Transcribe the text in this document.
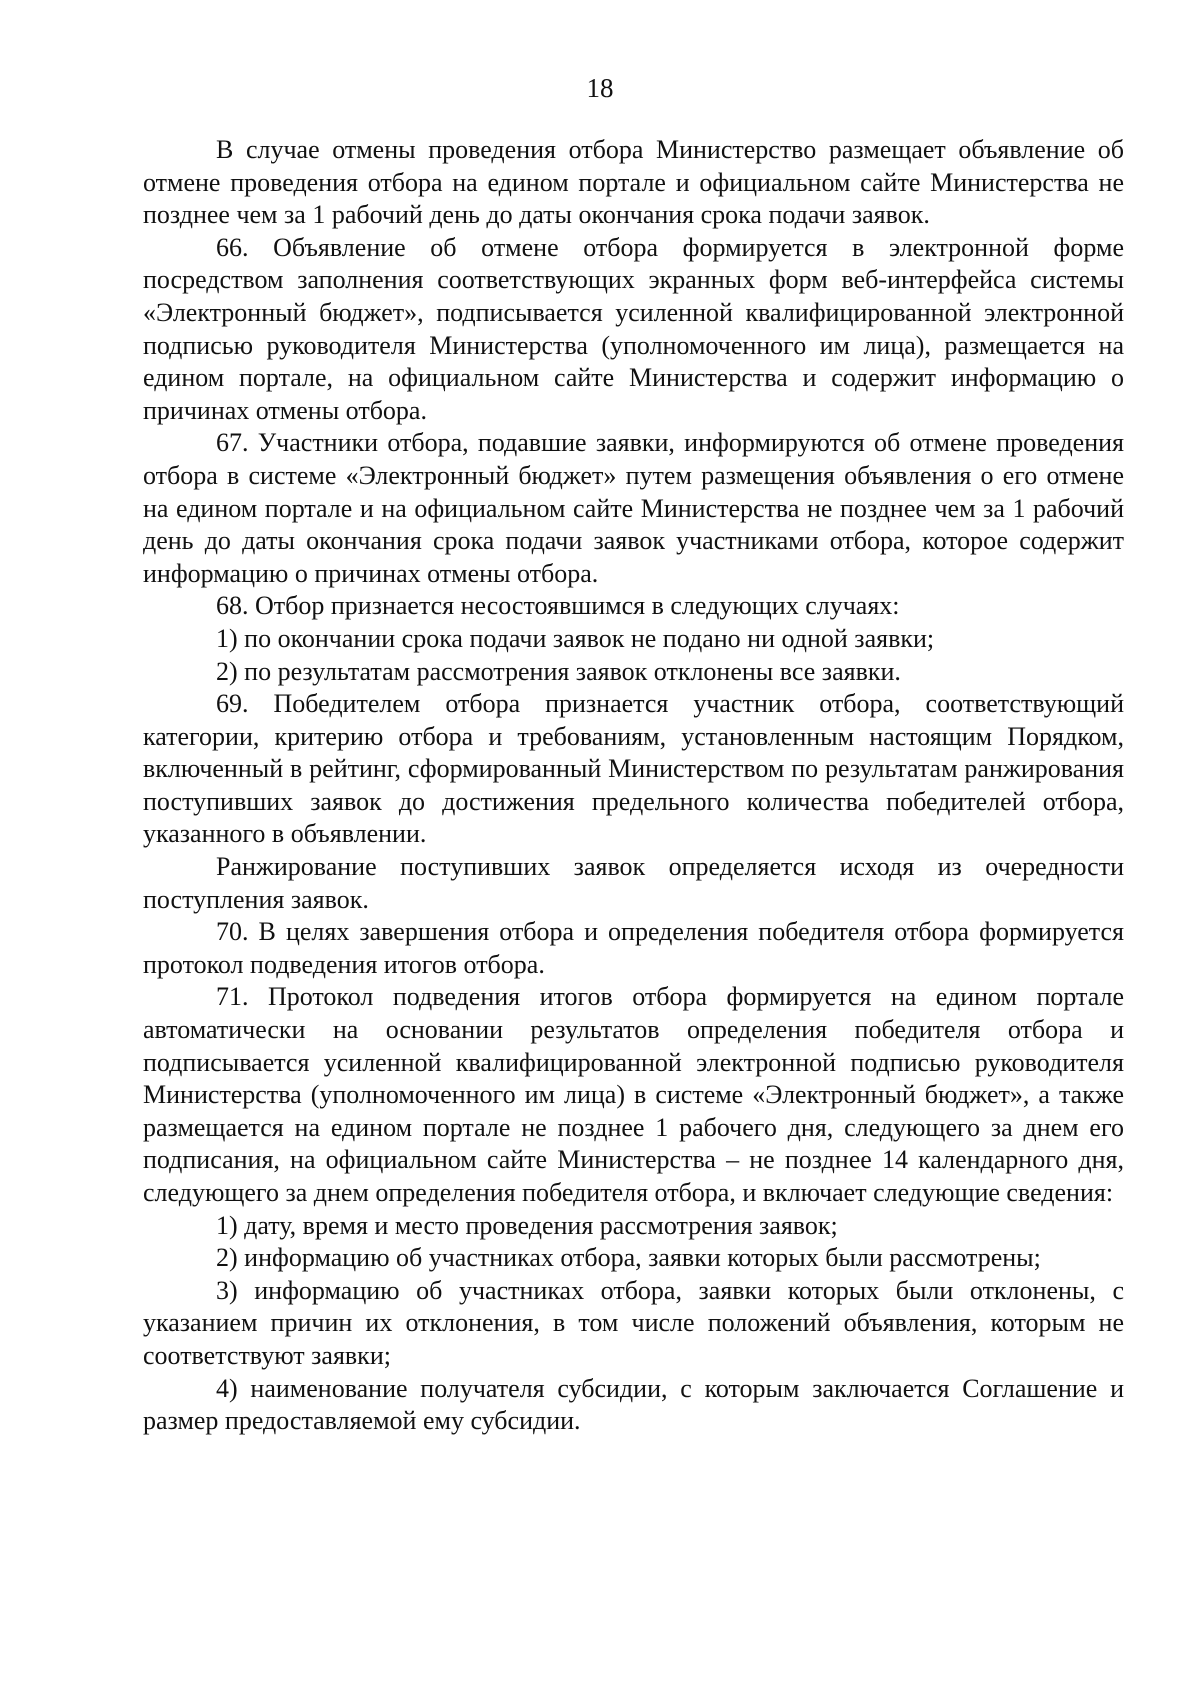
18

В случае отмены проведения отбора Министерство размещает объявление об отмене проведения отбора на едином портале и официальном сайте Министерства не позднее чем за 1 рабочий день до даты окончания срока подачи заявок.

66. Объявление об отмене отбора формируется в электронной форме посредством заполнения соответствующих экранных форм веб-интерфейса системы «Электронный бюджет», подписывается усиленной квалифицированной электронной подписью руководителя Министерства (уполномоченного им лица), размещается на едином портале, на официальном сайте Министерства и содержит информацию о причинах отмены отбора.

67. Участники отбора, подавшие заявки, информируются об отмене проведения отбора в системе «Электронный бюджет» путем размещения объявления о его отмене на едином портале и на официальном сайте Министерства не позднее чем за 1 рабочий день до даты окончания срока подачи заявок участниками отбора, которое содержит информацию о причинах отмены отбора.

68. Отбор признается несостоявшимся в следующих случаях:

1) по окончании срока подачи заявок не подано ни одной заявки;

2) по результатам рассмотрения заявок отклонены все заявки.

69. Победителем отбора признается участник отбора, соответствующий категории, критерию отбора и требованиям, установленным настоящим Порядком, включенный в рейтинг, сформированный Министерством по результатам ранжирования поступивших заявок до достижения предельного количества победителей отбора, указанного в объявлении.

Ранжирование поступивших заявок определяется исходя из очередности поступления заявок.

70. В целях завершения отбора и определения победителя отбора формируется протокол подведения итогов отбора.

71. Протокол подведения итогов отбора формируется на едином портале автоматически на основании результатов определения победителя отбора и подписывается усиленной квалифицированной электронной подписью руководителя Министерства (уполномоченного им лица) в системе «Электронный бюджет», а также размещается на едином портале не позднее 1 рабочего дня, следующего за днем его подписания, на официальном сайте Министерства – не позднее 14 календарного дня, следующего за днем определения победителя отбора, и включает следующие сведения:

1) дату, время и место проведения рассмотрения заявок;

2) информацию об участниках отбора, заявки которых были рассмотрены;

3) информацию об участниках отбора, заявки которых были отклонены, с указанием причин их отклонения, в том числе положений объявления, которым не соответствуют заявки;

4) наименование получателя субсидии, с которым заключается Соглашение и размер предоставляемой ему субсидии.
